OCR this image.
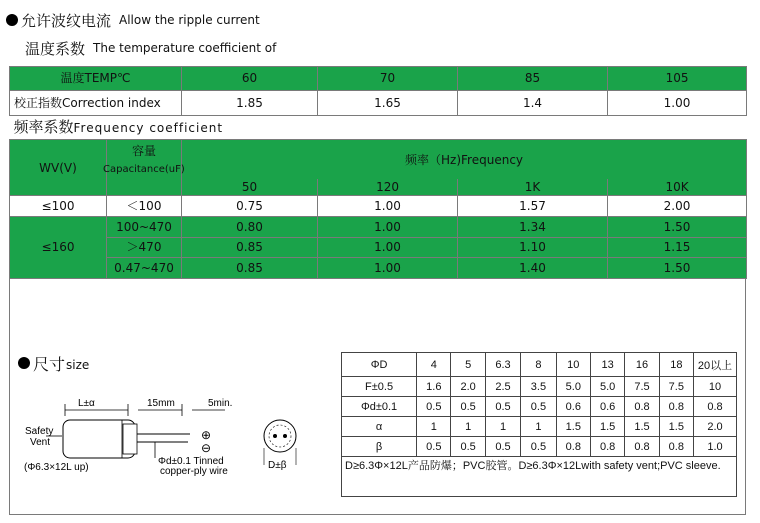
允许波纹电流 Allow the ripple current
温度系数 The temperature coefficient of
温度TEMP℃		60	70	85	105
校正指数Correction index		1.85	1.65	1.4	1.00
频率系数Frequency coefficient					
WV(V)	容量
Capacitance(uF)	频率（Hz)Frequency			
		50	120	1K	10K
≤100	＜100	0.75	1.00	1.57	2.00
≤160	100~470	0.80	1.00	1.34	1.50
	＞470	0.85	1.00	1.10	1.15
	0.47~470	0.85	1.00	1.40	1.50
尺寸 size
L±α	15mm	5min.
Safety
Vent
(Φ6.3×12L up)
Φd±0.1 Tinned
copper-ply wire
⊕
⊖
D±β
ΦD	4	5	6.3	8	10	13	16	18	20以上
F±0.5	1.6	2.0	2.5	3.5	5.0	5.0	7.5	7.5	10
Φd±0.1	0.5	0.5	0.5	0.5	0.6	0.6	0.8	0.8	0.8
α	1	1	1	1	1.5	1.5	1.5	1.5	2.0
β	0.5	0.5	0.5	0.5	0.8	0.8	0.8	0.8	1.0
D≥6.3Φ×12L产品防爆；PVC胶管。D≥6.3Φ×12Lwith safety vent;PVC sleeve.									
